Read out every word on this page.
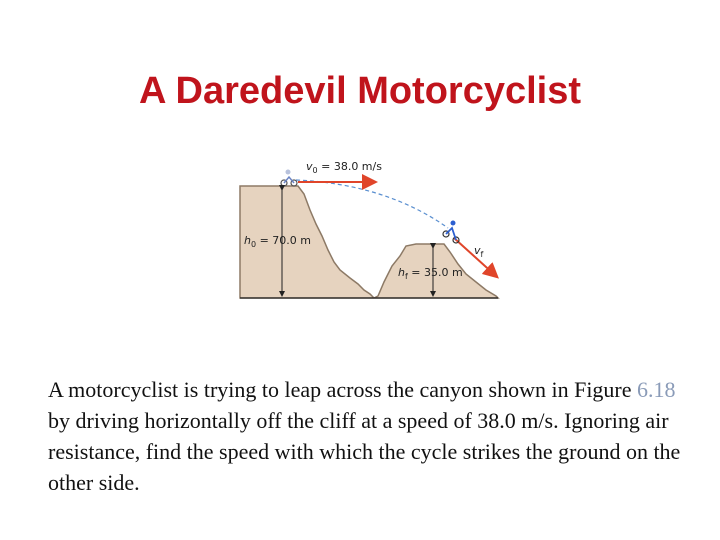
A Daredevil Motorcyclist
$v_0 = 38.0$ m/s
$v_f$
$h_0 = 70.0$ m
$h_f = 35.0$ m

A motorcyclist is trying to leap across the canyon shown in Figure 6.18 by driving horizontally off the cliff at a speed of 38.0 m/s. Ignoring air resistance, find the speed with which the cycle strikes the ground on the other side.
